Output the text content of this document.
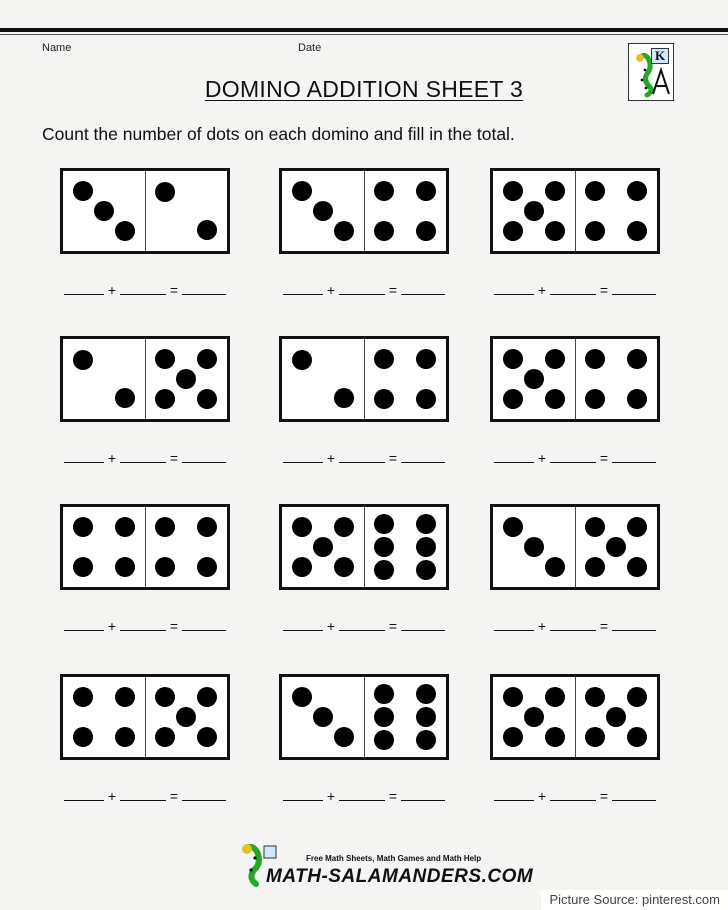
Name	Date	K
DOMINO ADDITION SHEET 3
Count the number of dots on each domino and fill in the total.
+	=	+	=	+	=
+	=	+	=	+	=
+	=	+	=	+	=
+	=	+	=	+	=
Free Math Sheets, Math Games and Math Help
MATH-SALAMANDERS.COM
Picture Source: pinterest.com
